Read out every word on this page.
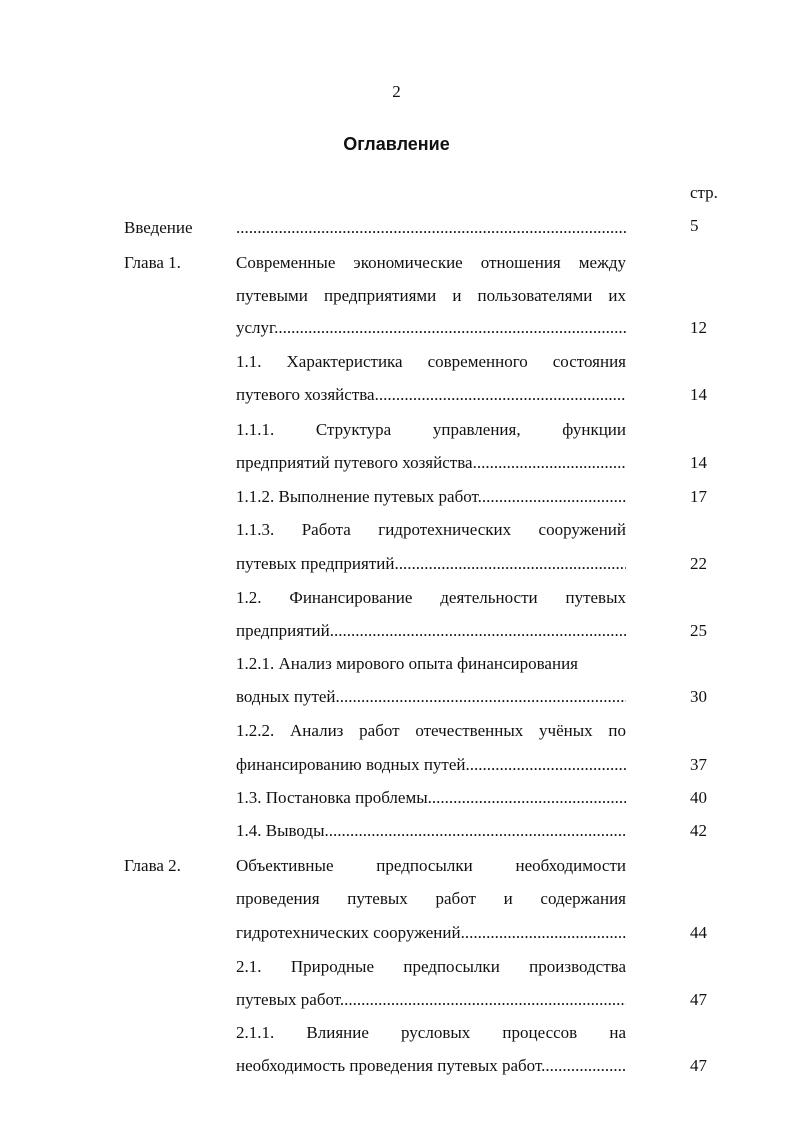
2
Оглавление
стр.
Введение .....	5
Глава 1.	Современные экономические отношения между
путевыми предприятиями и пользователями их
услуг .....	12
1.1. Характеристика современного состояния
путевого хозяйства .....	14
1.1.1. Структура управления, функции
предприятий путевого хозяйства .....	14
1.1.2. Выполнение путевых работ .....	17
1.1.3. Работа гидротехнических сооружений
путевых предприятий .....	22
1.2. Финансирование деятельности путевых
предприятий .....	25
1.2.1. Анализ мирового опыта финансирования
водных путей .....	30
1.2.2. Анализ работ отечественных учёных по
финансированию водных путей .....	37
1.3. Постановка проблемы .....	40
1.4. Выводы .....	42
Глава 2.	Объективные предпосылки необходимости
проведения путевых работ и содержания
гидротехнических сооружений .....	44
2.1. Природные предпосылки производства
путевых работ .....	47
2.1.1. Влияние русловых процессов на
необходимость проведения путевых работ .....	47
